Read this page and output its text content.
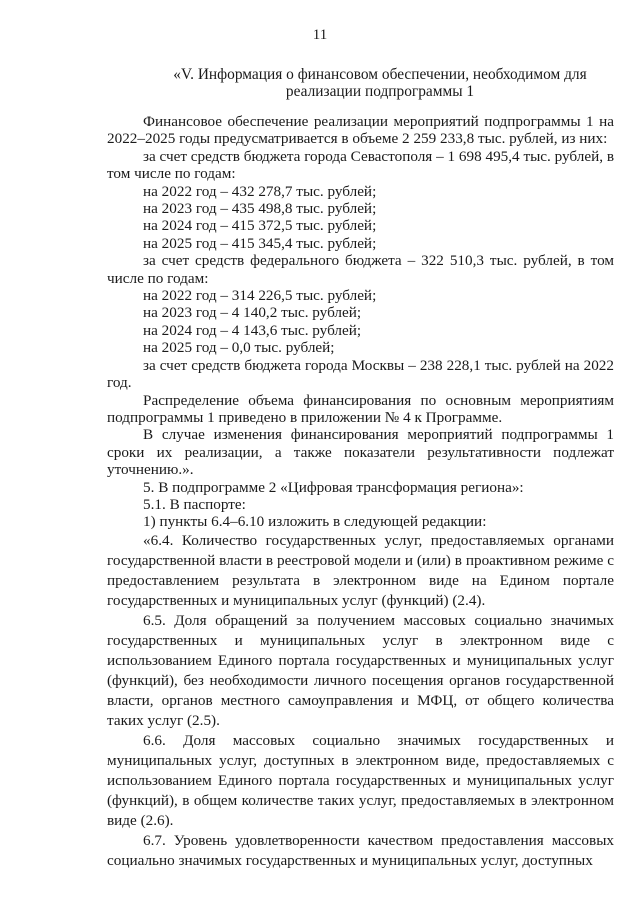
11
«V. Информация о финансовом обеспечении, необходимом для реализации подпрограммы 1

Финансовое обеспечение реализации мероприятий подпрограммы 1 на 2022–2025 годы предусматривается в объеме 2 259 233,8 тыс. рублей, из них:

за счет средств бюджета города Севастополя – 1 698 495,4 тыс. рублей, в том числе по годам:

на 2022 год – 432 278,7 тыс. рублей;

на 2023 год – 435 498,8 тыс. рублей;

на 2024 год – 415 372,5 тыс. рублей;

на 2025 год – 415 345,4 тыс. рублей;

за счет средств федерального бюджета – 322 510,3 тыс. рублей, в том числе по годам:

на 2022 год – 314 226,5 тыс. рублей;

на 2023 год – 4 140,2 тыс. рублей;

на 2024 год – 4 143,6 тыс. рублей;

на 2025 год – 0,0 тыс. рублей;

за счет средств бюджета города Москвы – 238 228,1 тыс. рублей на 2022 год.

Распределение объема финансирования по основным мероприятиям подпрограммы 1 приведено в приложении № 4 к Программе.

В случае изменения финансирования мероприятий подпрограммы 1 сроки их реализации, а также показатели результативности подлежат уточнению.».

5. В подпрограмме 2 «Цифровая трансформация региона»:

5.1. В паспорте:

1) пункты 6.4–6.10 изложить в следующей редакции:

«6.4. Количество государственных услуг, предоставляемых органами государственной власти в реестровой модели и (или) в проактивном режиме с предоставлением результата в электронном виде на Едином портале государственных и муниципальных услуг (функций) (2.4).

6.5. Доля обращений за получением массовых социально значимых государственных и муниципальных услуг в электронном виде с использованием Единого портала государственных и муниципальных услуг (функций), без необходимости личного посещения органов государственной власти, органов местного самоуправления и МФЦ, от общего количества таких услуг (2.5).

6.6. Доля массовых социально значимых государственных и муниципальных услуг, доступных в электронном виде, предоставляемых с использованием Единого портала государственных и муниципальных услуг (функций), в общем количестве таких услуг, предоставляемых в электронном виде (2.6).

6.7. Уровень удовлетворенности качеством предоставления массовых социально значимых государственных и муниципальных услуг, доступных
